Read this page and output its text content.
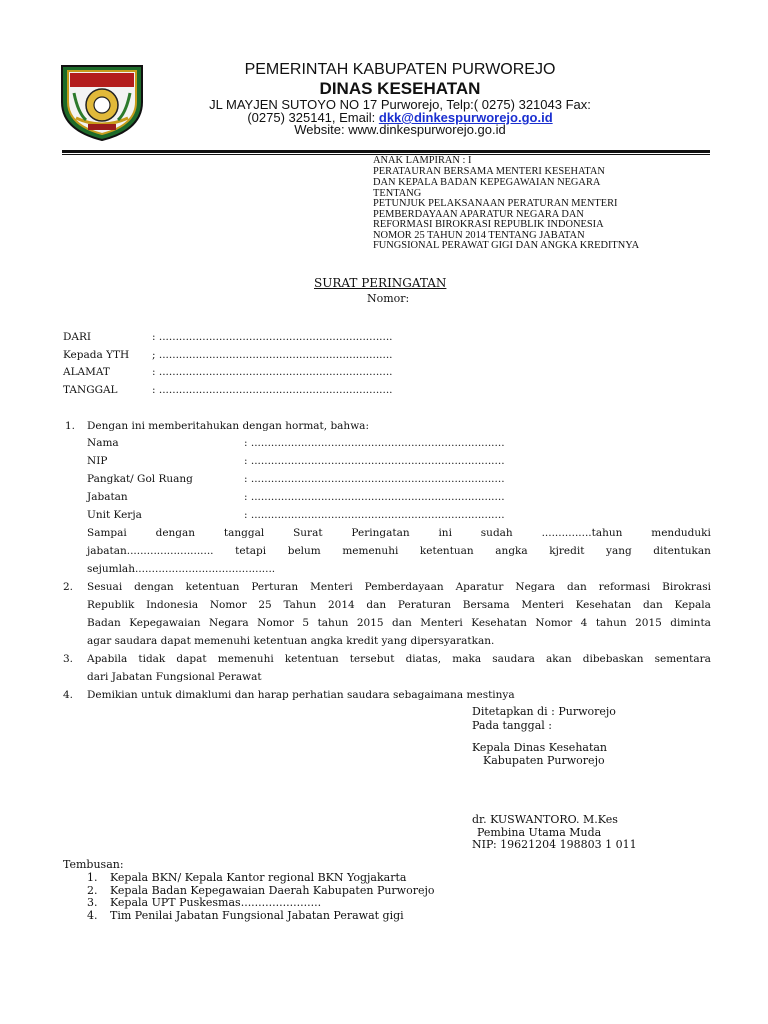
PEMERINTAH KABUPATEN PURWOREJO
DINAS KESEHATAN
JL MAYJEN SUTOYO NO 17 Purworejo, Telp:( 0275) 321043 Fax:
(0275) 325141, Email: dkk@dinkespurworejo.go.id
Website: www.dinkespurworejo.go.id
ANAK LAMPIRAN : I
PERATAURAN BERSAMA MENTERI KESEHATAN
DAN KEPALA BADAN KEPEGAWAIAN NEGARA
TENTANG
PETUNJUK PELAKSANAAN PERATURAN MENTERI
PEMBERDAYAAN APARATUR NEGARA DAN
REFORMASI BIROKRASI REPUBLIK INDONESIA
NOMOR 25 TAHUN 2014 TENTANG JABATAN
FUNGSIONAL PERAWAT GIGI DAN ANGKA KREDITNYA
SURAT PERINGATAN
Nomor:
DARI	: ......................................................................
Kepada YTH ; ......................................................................
ALAMAT	: ......................................................................
TANGGAL	: ......................................................................
1. Dengan ini memberitahukan dengan hormat, bahwa:
Nama	: ............................................................................
NIP	: ............................................................................
Pangkat/ Gol Ruang	: ............................................................................
Jabatan	: ............................................................................
Unit Kerja	: ............................................................................
Sampai	dengan	tanggal	Surat	Peringatan	ini	sudah	...............tahun	menduduki
jabatan.......................... tetapi belum memenuhi ketentuan angka kjredit yang ditentukan
sejumlah..........................................
2. Sesuai dengan ketentuan Perturan Menteri Pemberdayaan Aparatur Negara dan reformasi Birokrasi
Republik Indonesia Nomor 25 Tahun 2014 dan Peraturan Bersama Menteri Kesehatan dan Kepala
Badan Kepegawaian Negara Nomor 5 tahun 2015 dan Menteri Kesehatan Nomor 4 tahun 2015 diminta
agar saudara dapat memenuhi ketentuan angka kredit yang dipersyaratkan.
3. Apabila tidak dapat memenuhi ketentuan tersebut diatas, maka saudara akan dibebaskan sementara
dari Jabatan Fungsional Perawat
4. Demikian untuk dimaklumi dan harap perhatian saudara sebagaimana mestinya
Ditetapkan di : Purworejo
Pada tanggal :
Kepala Dinas Kesehatan
Kabupaten Purworejo
dr. KUSWANTORO. M.Kes
Pembina Utama Muda
NIP: 19621204 198803 1 011
Tembusan:
1. Kepala BKN/ Kepala Kantor regional BKN Yogjakarta
2. Kepala Badan Kepegawaian Daerah Kabupaten Purworejo
3. Kepala UPT Puskesmas.......................
4. Tim Penilai Jabatan Fungsional Jabatan Perawat gigi
